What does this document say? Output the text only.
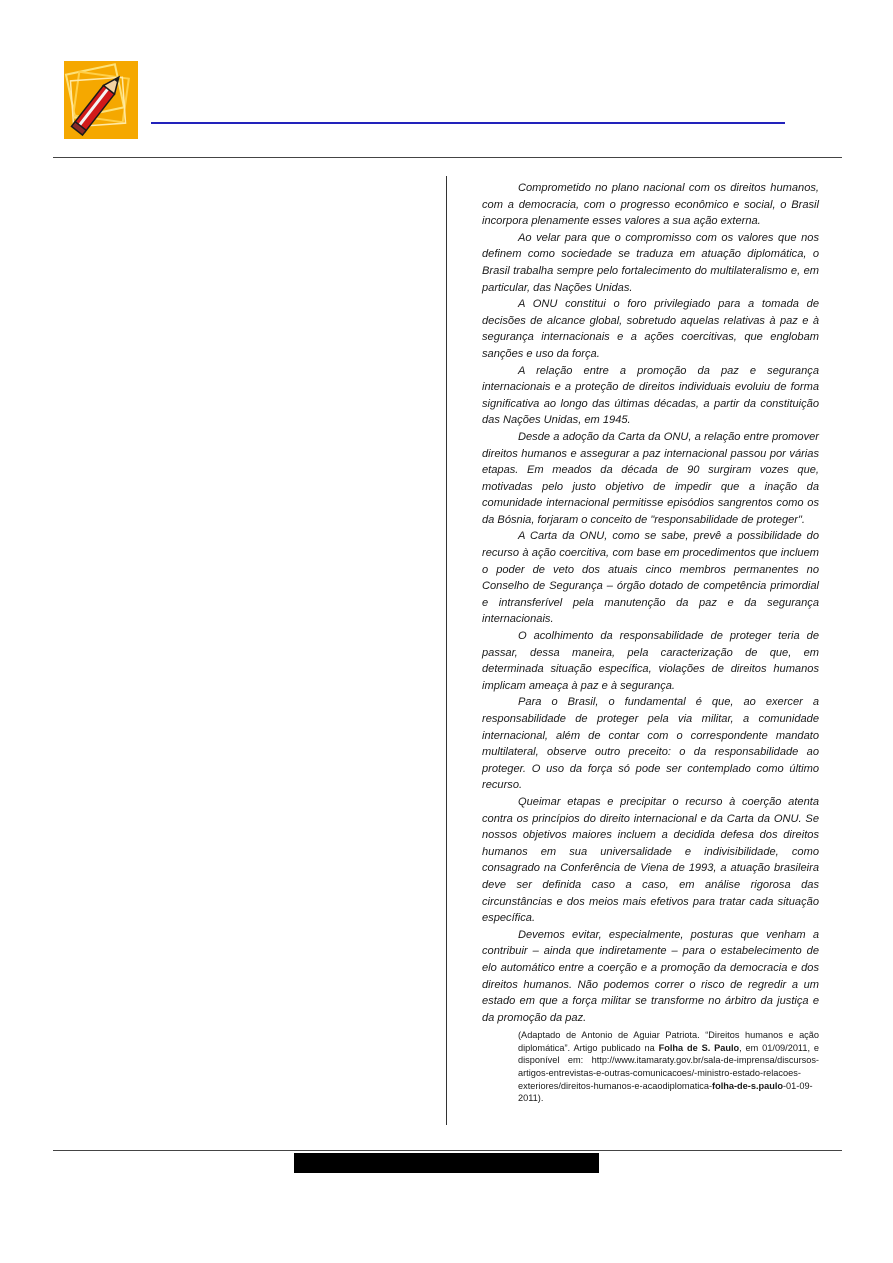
Comprometido no plano nacional com os direitos humanos, com a democracia, com o progresso econômico e social, o Brasil incorpora plenamente esses valores a sua ação externa.

Ao velar para que o compromisso com os valores que nos definem como sociedade se traduza em atuação diplomática, o Brasil trabalha sempre pelo fortalecimento do multilateralismo e, em particular, das Nações Unidas.

A ONU constitui o foro privilegiado para a tomada de decisões de alcance global, sobretudo aquelas relativas à paz e à segurança internacionais e a ações coercitivas, que englobam sanções e uso da força.

A relação entre a promoção da paz e segurança internacionais e a proteção de direitos individuais evoluiu de forma significativa ao longo das últimas décadas, a partir da constituição das Nações Unidas, em 1945.

Desde a adoção da Carta da ONU, a relação entre promover direitos humanos e assegurar a paz internacional passou por várias etapas. Em meados da década de 90 surgiram vozes que, motivadas pelo justo objetivo de impedir que a inação da comunidade internacional permitisse episódios sangrentos como os da Bósnia, forjaram o conceito de "responsabilidade de proteger".

A Carta da ONU, como se sabe, prevê a possibilidade do recurso à ação coercitiva, com base em procedimentos que incluem o poder de veto dos atuais cinco membros permanentes no Conselho de Segurança – órgão dotado de competência primordial e intransferível pela manutenção da paz e da segurança internacionais.

O acolhimento da responsabilidade de proteger teria de passar, dessa maneira, pela caracterização de que, em determinada situação específica, violações de direitos humanos implicam ameaça à paz e à segurança.

Para o Brasil, o fundamental é que, ao exercer a responsabilidade de proteger pela via militar, a comunidade internacional, além de contar com o correspondente mandato multilateral, observe outro preceito: o da responsabilidade ao proteger. O uso da força só pode ser contemplado como último recurso.

Queimar etapas e precipitar o recurso à coerção atenta contra os princípios do direito internacional e da Carta da ONU. Se nossos objetivos maiores incluem a decidida defesa dos direitos humanos em sua universalidade e indivisibilidade, como consagrado na Conferência de Viena de 1993, a atuação brasileira deve ser definida caso a caso, em análise rigorosa das circunstâncias e dos meios mais efetivos para tratar cada situação específica.

Devemos evitar, especialmente, posturas que venham a contribuir – ainda que indiretamente – para o estabelecimento de elo automático entre a coerção e a promoção da democracia e dos direitos humanos. Não podemos correr o risco de regredir a um estado em que a força militar se transforme no árbitro da justiça e da promoção da paz.

(Adaptado de Antonio de Aguiar Patriota. “Direitos humanos e ação diplomática”. Artigo publicado na Folha de S. Paulo, em 01/09/2011, e disponível em: http://www.itamaraty.gov.br/sala-de-imprensa/discursos-artigos-entrevistas-e-outras-comunicacoes/-ministro-estado-relacoes-exteriores/direitos-humanos-e-acaodiplomatica-folha-de-s.paulo-01-09-2011).
